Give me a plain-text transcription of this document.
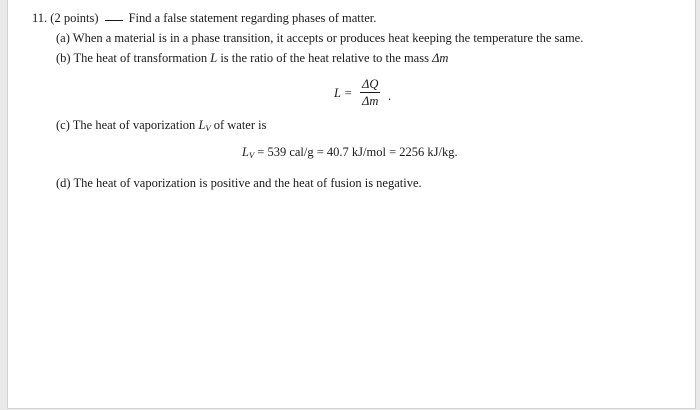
11. (2 points) Find a false statement regarding phases of matter.
(a) When a material is in a phase transition, it accepts or produces heat keeping the temperature the same.
(b) The heat of transformation L is the ratio of the heat relative to the mass Δm
$L = \frac{\Delta Q}{\Delta m}$ .
(c) The heat of vaporization $L_V$ of water is
$L_V = 539$ cal/g = 40.7 kJ/mol = 2256 kJ/kg.
(d) The heat of vaporization is positive and the heat of fusion is negative.
